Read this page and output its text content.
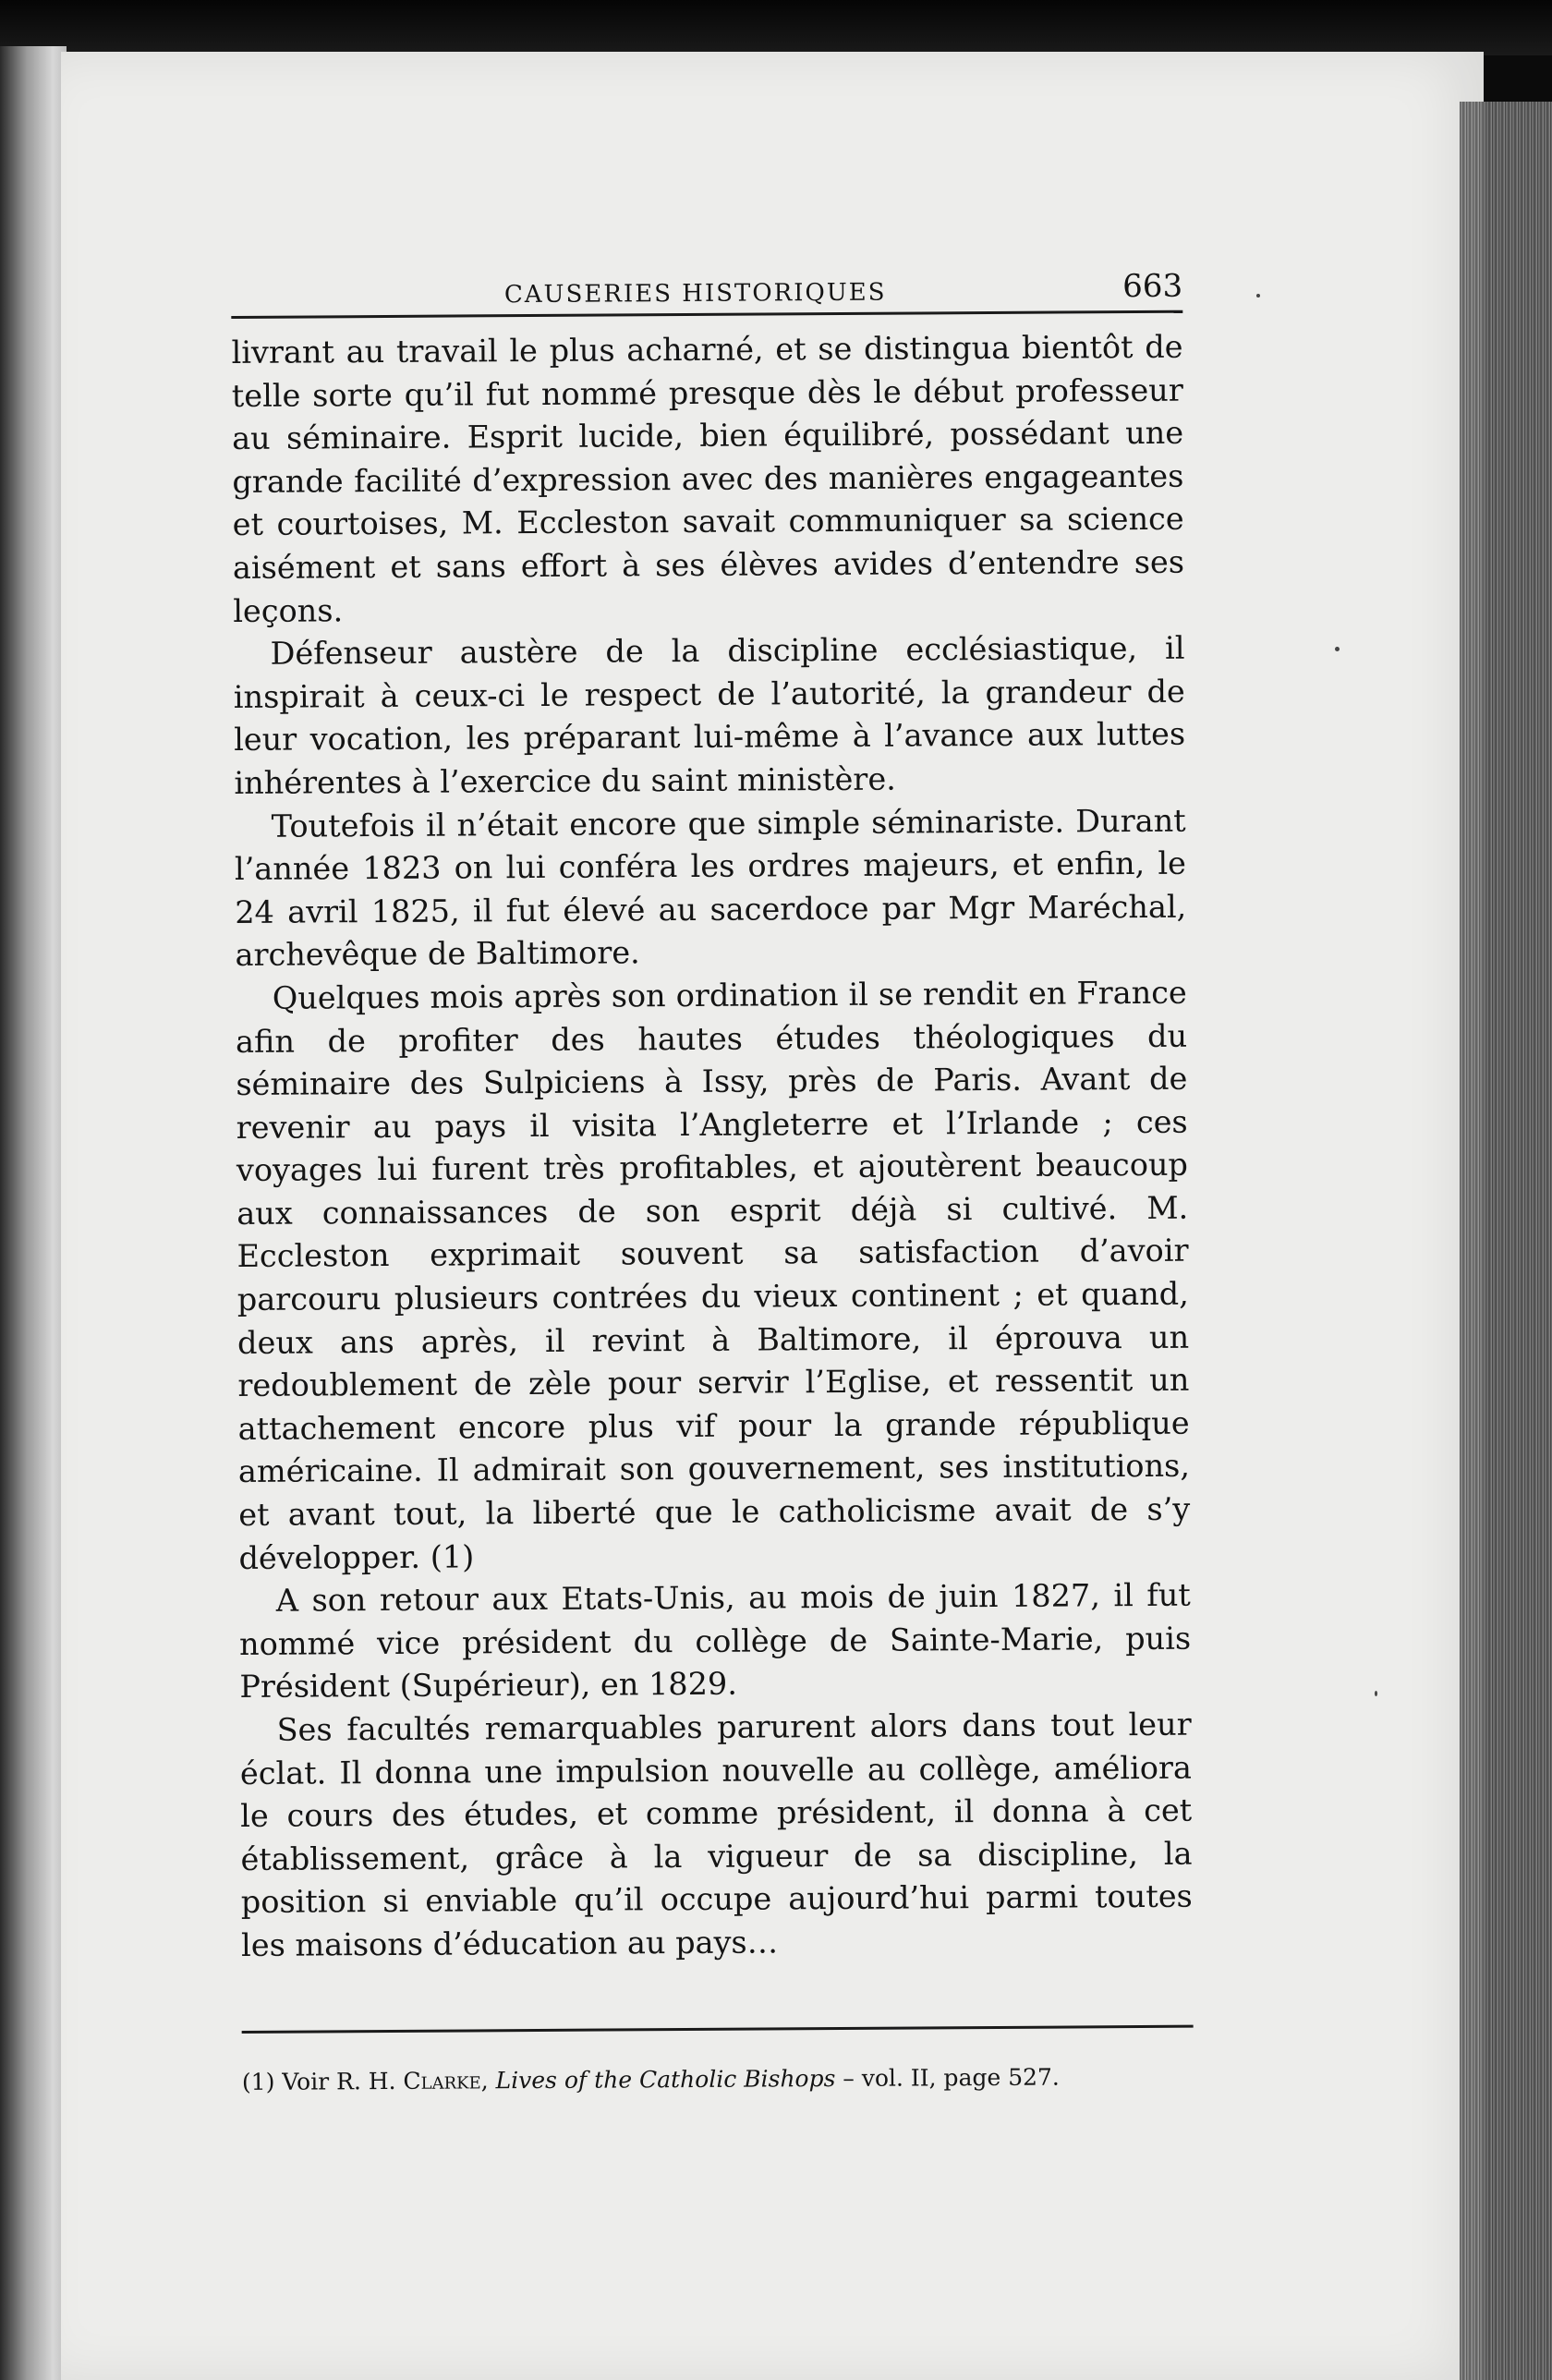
CAUSERIES HISTORIQUES	663

livrant au travail le plus acharné, et se distingua bientôt de telle sorte qu’il fut nommé presque dès le début professeur au séminaire. Esprit lucide, bien équilibré, possédant une grande facilité d’expression avec des manières engageantes et courtoises, M. Eccleston savait communiquer sa science aisément et sans effort à ses élèves avides d’entendre ses leçons.

Défenseur austère de la discipline ecclésiastique, il inspirait à ceux-ci le respect de l’autorité, la grandeur de leur vocation, les préparant lui-même à l’avance aux luttes inhérentes à l’exercice du saint ministère.

Toutefois il n’était encore que simple séminariste. Durant l’année 1823 on lui conféra les ordres majeurs, et enfin, le 24 avril 1825, il fut élevé au sacerdoce par Mgr Maréchal, archevêque de Baltimore.

Quelques mois après son ordination il se rendit en France afin de profiter des hautes études théologiques du séminaire des Sulpiciens à Issy, près de Paris. Avant de revenir au pays il visita l’Angleterre et l’Irlande ; ces voyages lui furent très profitables, et ajoutèrent beaucoup aux connaissances de son esprit déjà si cultivé. M. Eccleston exprimait souvent sa satisfaction d’avoir parcouru plusieurs contrées du vieux continent ; et quand, deux ans après, il revint à Baltimore, il éprouva un redoublement de zèle pour servir l’Eglise, et ressentit un attachement encore plus vif pour la grande république américaine. Il admirait son gouvernement, ses institutions, et avant tout, la liberté que le catholicisme avait de s’y développer. (1)

A son retour aux Etats-Unis, au mois de juin 1827, il fut nommé vice président du collège de Sainte-Marie, puis Président (Supérieur), en 1829.

Ses facultés remarquables parurent alors dans tout leur éclat. Il donna une impulsion nouvelle au collège, améliora le cours des études, et comme président, il donna à cet établissement, grâce à la vigueur de sa discipline, la position si enviable qu’il occupe aujourd’hui parmi toutes les maisons d’éducation au pays…

(1) Voir R. H. Clarke, Lives of the Catholic Bishops – vol. II, page 527.
